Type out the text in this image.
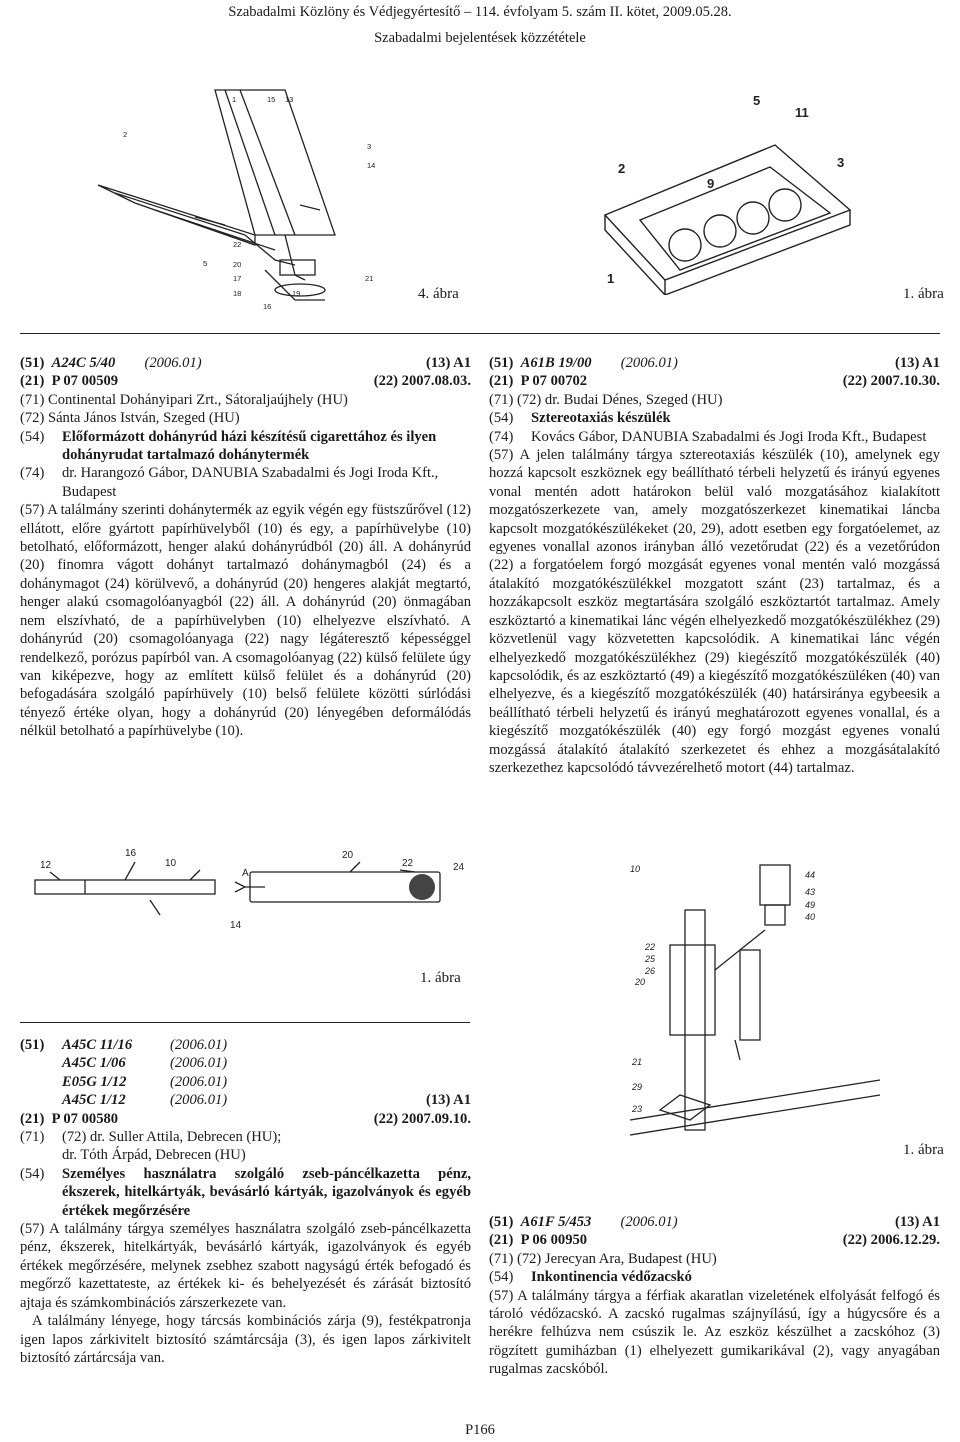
Szabadalmi Közlöny és Védjegyértesítő – 114. évfolyam 5. szám II. kötet, 2009.05.28.
Szabadalmi bejelentések közzététele
1	15 13
2
3
14
22
20
5
17	21
18	19
16
4. ábra
5
11
2	3
9
1
1. ábra
(51) A24C 5/40 (2006.01)	(13) A1
(21) P 07 00509	(22) 2007.08.03.
(71) Continental Dohányipari Zrt., Sátoraljaújhely (HU)
(72) Sánta János István, Szeged (HU)
(54) Előformázott dohányrúd házi készítésű cigarettához és ilyen dohányrudat tartalmazó dohánytermék
(74) dr. Harangozó Gábor, DANUBIA Szabadalmi és Jogi Iroda Kft., Budapest

(57) A találmány szerinti dohánytermék az egyik végén egy füstszűrővel (12) ellátott, előre gyártott papírhüvelyből (10) és egy, a papírhüvelybe (10) betolható, előformázott, henger alakú dohányrúdból (20) áll. A dohányrúd (20) finomra vágott dohányt tartalmazó dohánymagból (24) és a dohánymagot (24) körülvevő, a dohányrúd (20) hengeres alakját megtartó, henger alakú csomagolóanyagból (22) áll. A dohányrúd (20) önmagában nem elszívható, de a papírhüvelyben (10) elhelyezve elszívható. A dohányrúd (20) csomagolóanyaga (22) nagy légáteresztő képességgel rendelkező, porózus papírból van. A csomagolóanyag (22) külső felülete úgy van kiképezve, hogy az említett külső felület és a dohányrúd (20) befogadására szolgáló papírhüvely (10) belső felülete közötti súrlódási tényező értéke olyan, hogy a dohányrúd (20) lényegében deformálódás nélkül betolható a papírhüvelybe (10).

(51) A61B 19/00 (2006.01)	(13) A1
(21) P 07 00702	(22) 2007.10.30.
(71) (72) dr. Budai Dénes, Szeged (HU)
(54) Sztereotaxiás készülék
(74) Kovács Gábor, DANUBIA Szabadalmi és Jogi Iroda Kft., Budapest

(57) A jelen találmány tárgya sztereotaxiás készülék (10), amelynek egy hozzá kapcsolt eszköznek egy beállítható térbeli helyzetű és irányú egyenes vonal mentén adott határokon belül való mozgatásához kialakított mozgatószerkezete van, amely mozgatószerkezet kinematikai láncba kapcsolt mozgatókészülékeket (20, 29), adott esetben egy forgatóelemet, az egyenes vonallal azonos irányban álló vezetőrudat (22) és a vezetőrúdon (22) a forgatóelem forgó mozgását egyenes vonal mentén való mozgássá átalakító mozgatókészülékkel mozgatott szánt (23) tartalmaz, és a hozzákapcsolt eszköz megtartására szolgáló eszköztartót tartalmaz. Amely eszköztartó a kinematikai lánc végén elhelyezkedő mozgatókészülékhez (29) közvetlenül vagy közvetetten kapcsolódik. A kinematikai lánc végén elhelyezkedő mozgatókészülékhez (29) kiegészítő mozgatókészülék (40) kapcsolódik, és az eszköztartó (49) a kiegészítő mozgatókészüléken (40) van elhelyezve, és a kiegészítő mozgatókészülék (40) határsiránya egybeesik a beállítható térbeli helyzetű és irányú meghatározott egyenes vonallal, és a kiegészítő mozgatókészülék (40) egy forgó mozgást egyenes vonalú mozgássá átalakító átalakító szerkezetet és ehhez a mozgásátalakító szerkezethez kapcsolódó távvezérelhető motort (44) tartalmaz.

12
16
10
A
20
22	24
14
1. ábra
10
44
43
49
40
22
25
26
20
21
29
23
1. ábra
(51)	A45C 11/16	(2006.01)
A45C 1/06	(2006.01)
E05G 1/12	(2006.01)
A45C 1/12	(2006.01)	(13) A1
(21) P 07 00580	(22) 2007.09.10.
(71)	(72) dr. Suller Attila, Debrecen (HU);
dr. Tóth Árpád, Debrecen (HU)
(54)	Személyes használatra szolgáló zseb-páncélkazetta pénz, ékszerek, hitelkártyák, bevásárló kártyák, igazolványok és egyéb értékek megőrzésére

(57) A találmány tárgya személyes használatra szolgáló zseb-páncélkazetta pénz, ékszerek, hitelkártyák, bevásárló kártyák, igazolványok és egyéb értékek megőrzésére, melynek zsebhez szabott nagyságú érték befogadó és megőrző kazettateste, az értékek ki- és behelyezését és zárását biztosító ajtaja és számkombinációs zárszerkezete van.

A találmány lényege, hogy tárcsás kombinációs zárja (9), festékpatronja igen lapos zárkivitelt biztosító számtárcsája (3), és igen lapos zárkivitelt biztosító zártárcsája van.

(51) A61F 5/453 (2006.01)	(13) A1
(21) P 06 00950	(22) 2006.12.29.
(71) (72) Jerecyan Ara, Budapest (HU)
(54) Inkontinencia védőzacskó

(57) A találmány tárgya a férfiak akaratlan vizeletének elfolyását felfogó és tároló védőzacskó. A zacskó rugalmas szájnyílású, így a húgycsőre és a herékre felhúzva nem csúszik le. Az eszköz készülhet a zacskóhoz (3) rögzített gumiházban (1) elhelyezett gumikarikával (2), vagy anyagában rugalmas zacskóból.

P166
